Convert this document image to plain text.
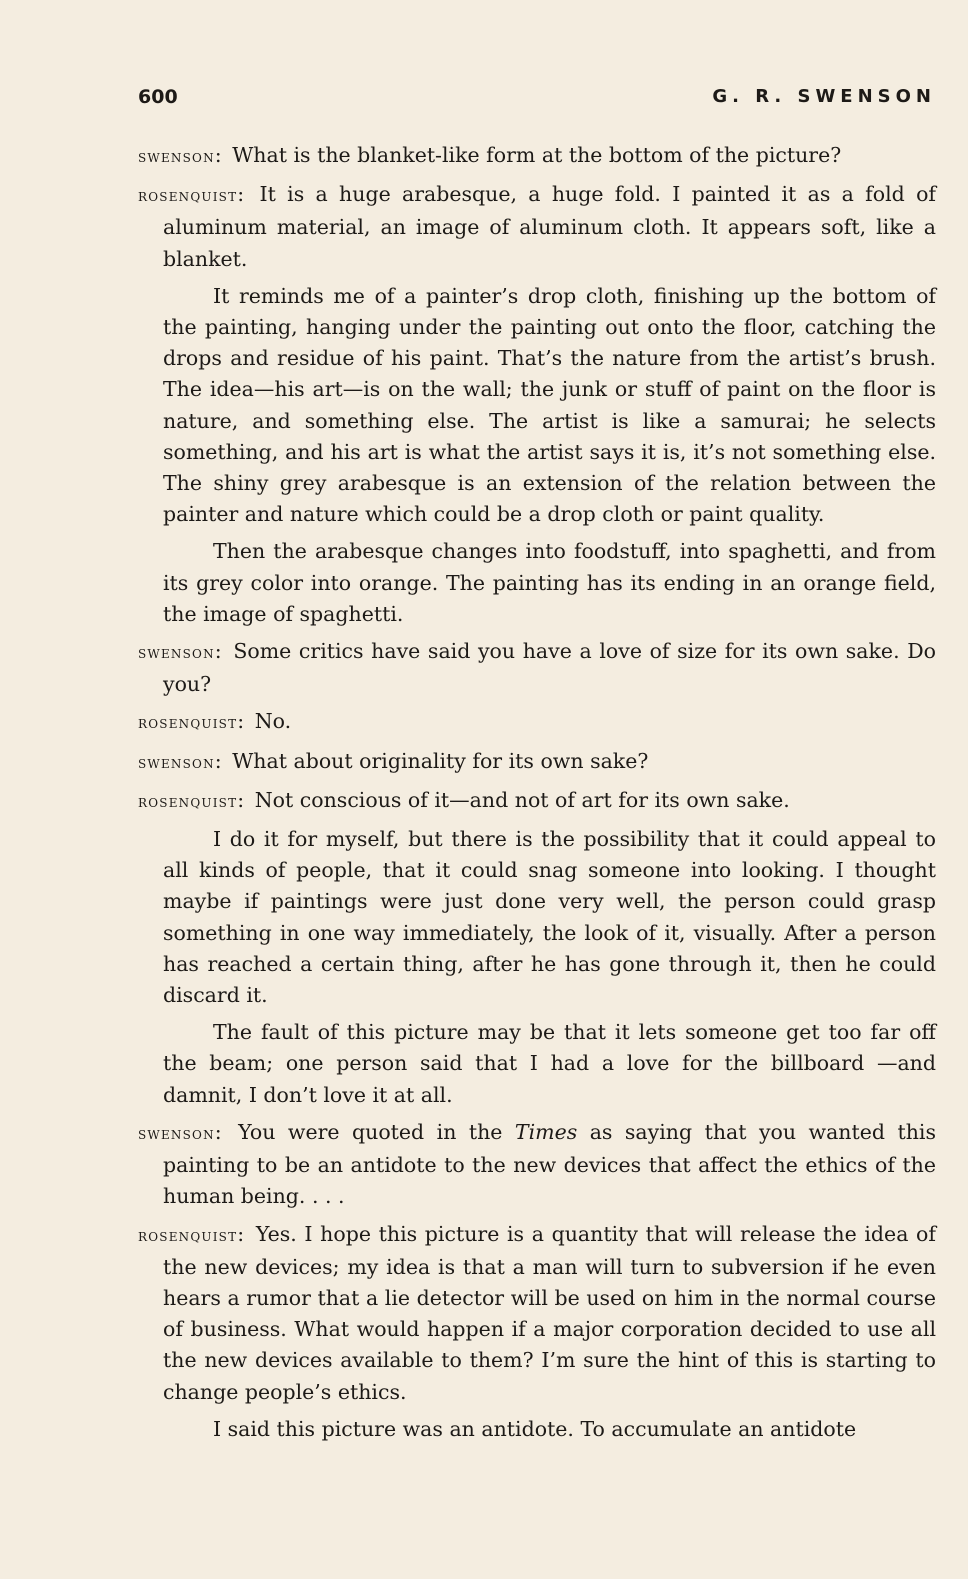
600	G. R. SWENSON

swenson: What is the blanket-like form at the bottom of the picture?

rosenquist: It is a huge arabesque, a huge fold. I painted it as a fold of aluminum material, an image of aluminum cloth. It appears soft, like a blanket.

It reminds me of a painter’s drop cloth, finishing up the bottom of the painting, hanging under the painting out onto the floor, catching the drops and residue of his paint. That’s the nature from the artist’s brush. The idea—his art—is on the wall; the junk or stuff of paint on the floor is nature, and something else. The artist is like a samurai; he selects something, and his art is what the artist says it is, it’s not something else. The shiny grey arabesque is an extension of the relation between the painter and nature which could be a drop cloth or paint quality.

Then the arabesque changes into foodstuff, into spaghetti, and from its grey color into orange. The painting has its ending in an orange field, the image of spaghetti.

swenson: Some critics have said you have a love of size for its own sake. Do you?

rosenquist: No.

swenson: What about originality for its own sake?

rosenquist: Not conscious of it—and not of art for its own sake.

I do it for myself, but there is the possibility that it could appeal to all kinds of people, that it could snag someone into looking. I thought maybe if paintings were just done very well, the person could grasp something in one way immediately, the look of it, visually. After a person has reached a certain thing, after he has gone through it, then he could discard it.

The fault of this picture may be that it lets someone get too far off the beam; one person said that I had a love for the billboard —and damnit, I don’t love it at all.

swenson: You were quoted in the Times as saying that you wanted this painting to be an antidote to the new devices that affect the ethics of the human being. . . .

rosenquist: Yes. I hope this picture is a quantity that will release the idea of the new devices; my idea is that a man will turn to subversion if he even hears a rumor that a lie detector will be used on him in the normal course of business. What would happen if a major corporation decided to use all the new devices available to them? I’m sure the hint of this is starting to change people’s ethics.

I said this picture was an antidote. To accumulate an antidote
